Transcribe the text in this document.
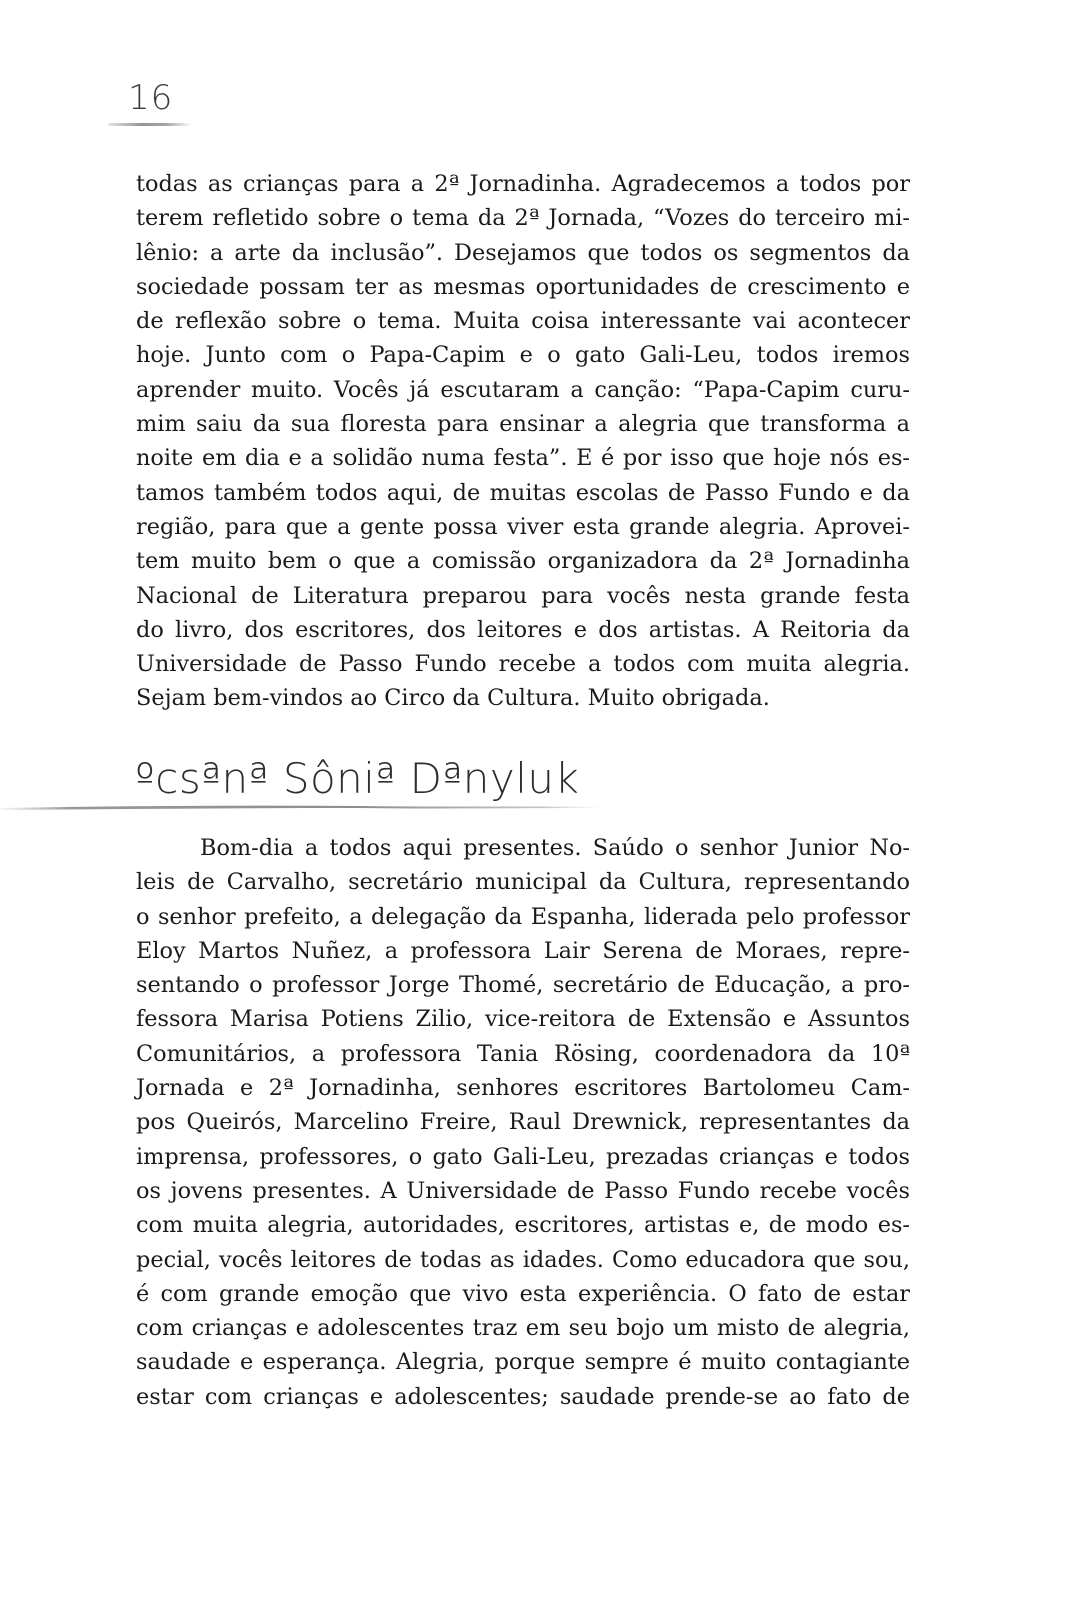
16
todas as crianças para a 2ª Jornadinha. Agradecemos a todos por
terem refletido sobre o tema da 2ª Jornada, “Vozes do terceiro mi-
lênio: a arte da inclusão”. Desejamos que todos os segmentos da
sociedade possam ter as mesmas oportunidades de crescimento e
de reflexão sobre o tema. Muita coisa interessante vai acontecer
hoje. Junto com o Papa-Capim e o gato Gali-Leu, todos iremos
aprender muito. Vocês já escutaram a canção: “Papa-Capim curu-
mim saiu da sua floresta para ensinar a alegria que transforma a
noite em dia e a solidão numa festa”. E é por isso que hoje nós es-
tamos também todos aqui, de muitas escolas de Passo Fundo e da
região, para que a gente possa viver esta grande alegria. Aprovei-
tem muito bem o que a comissão organizadora da 2ª Jornadinha
Nacional de Literatura preparou para vocês nesta grande festa
do livro, dos escritores, dos leitores e dos artistas. A Reitoria da
Universidade de Passo Fundo recebe a todos com muita alegria.
Sejam bem-vindos ao Circo da Cultura. Muito obrigada.
ºcsªnª Sôniª Dªnyluk
Bom-dia a todos aqui presentes. Saúdo o senhor Junior No-
leis de Carvalho, secretário municipal da Cultura, representando
o senhor prefeito, a delegação da Espanha, liderada pelo professor
Eloy Martos Nuñez, a professora Lair Serena de Moraes, repre-
sentando o professor Jorge Thomé, secretário de Educação, a pro-
fessora Marisa Potiens Zilio, vice-reitora de Extensão e Assuntos
Comunitários, a professora Tania Rösing, coordenadora da 10ª
Jornada e 2ª Jornadinha, senhores escritores Bartolomeu Cam-
pos Queirós, Marcelino Freire, Raul Drewnick, representantes da
imprensa, professores, o gato Gali-Leu, prezadas crianças e todos
os jovens presentes. A Universidade de Passo Fundo recebe vocês
com muita alegria, autoridades, escritores, artistas e, de modo es-
pecial, vocês leitores de todas as idades. Como educadora que sou,
é com grande emoção que vivo esta experiência. O fato de estar
com crianças e adolescentes traz em seu bojo um misto de alegria,
saudade e esperança. Alegria, porque sempre é muito contagiante
estar com crianças e adolescentes; saudade prende-se ao fato de
